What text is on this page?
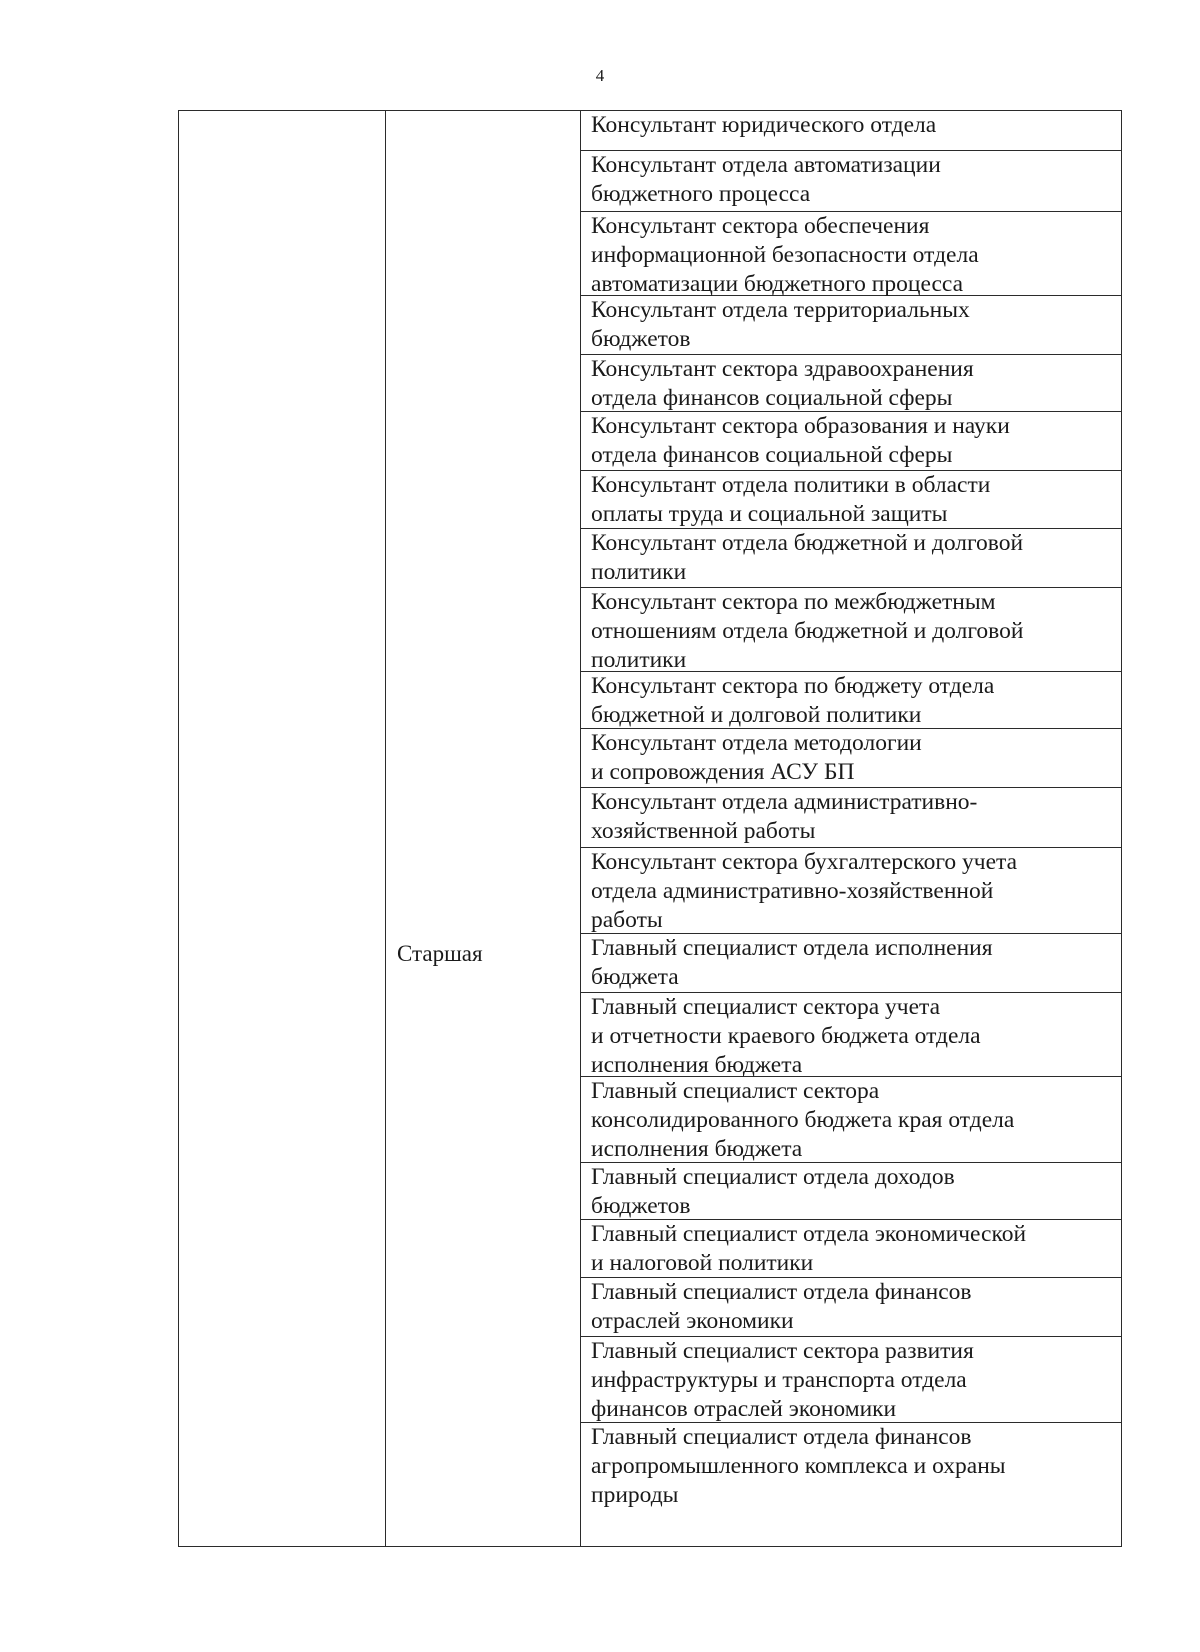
4
Старшая
Консультант юридического отдела
Консультант отдела автоматизации
бюджетного процесса
Консультант сектора обеспечения
информационной безопасности отдела
автоматизации бюджетного процесса
Консультант отдела территориальных
бюджетов
Консультант сектора здравоохранения
отдела финансов социальной сферы
Консультант сектора образования и науки
отдела финансов социальной сферы
Консультант отдела политики в области
оплаты труда и социальной защиты
Консультант отдела бюджетной и долговой
политики
Консультант сектора по межбюджетным
отношениям отдела бюджетной и долговой
политики
Консультант сектора по бюджету отдела
бюджетной и долговой политики
Консультант отдела методологии
и сопровождения АСУ БП
Консультант отдела административно-
хозяйственной работы
Консультант сектора бухгалтерского учета
отдела административно-хозяйственной
работы
Главный специалист отдела исполнения
бюджета
Главный специалист сектора учета
и отчетности краевого бюджета отдела
исполнения бюджета
Главный специалист сектора
консолидированного бюджета края отдела
исполнения бюджета
Главный специалист отдела доходов
бюджетов
Главный специалист отдела экономической
и налоговой политики
Главный специалист отдела финансов
отраслей экономики
Главный специалист сектора развития
инфраструктуры и транспорта отдела
финансов отраслей экономики
Главный специалист отдела финансов
агропромышленного комплекса и охраны
природы
